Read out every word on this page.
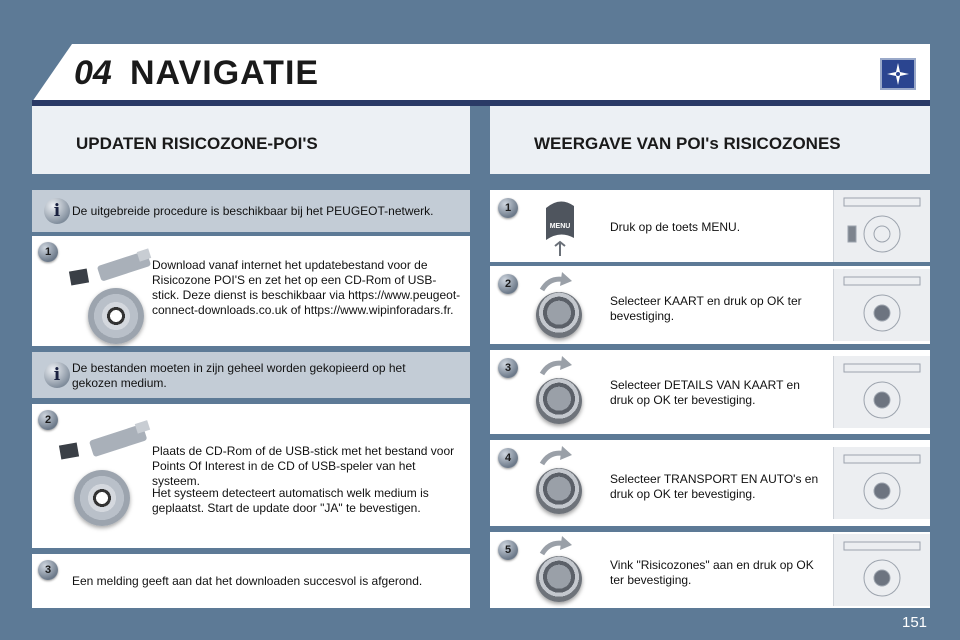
04 NAVIGATIE
UPDATEN RISICOZONE-POI'S	WEERGAVE VAN POI's RISICOZONES
i De uitgebreide procedure is beschikbaar bij het PEUGEOT-netwerk.
1
Download vanaf internet het updatebestand voor de Risicozone POI'S en zet het op een CD-Rom of USB-stick. Deze dienst is beschikbaar via https://www.peugeot-connect-downloads.co.uk of https://www.wipinforadars.fr.
i De bestanden moeten in zijn geheel worden gekopieerd op het gekozen medium.
2
Plaats de CD-Rom of de USB-stick met het bestand voor Points Of Interest in de CD of USB-speler van het systeem.
Het systeem detecteert automatisch welk medium is geplaatst. Start de update door "JA" te bevestigen.
3
Een melding geeft aan dat het downloaden succesvol is afgerond.
1
MENU	Druk op de toets MENU.
2
Selecteer KAART en druk op OK ter bevestiging.
3
Selecteer DETAILS VAN KAART en druk op OK ter bevestiging.
4
Selecteer TRANSPORT EN AUTO's en druk op OK ter bevestiging.
5
Vink "Risicozones" aan en druk op OK ter bevestiging.
151
